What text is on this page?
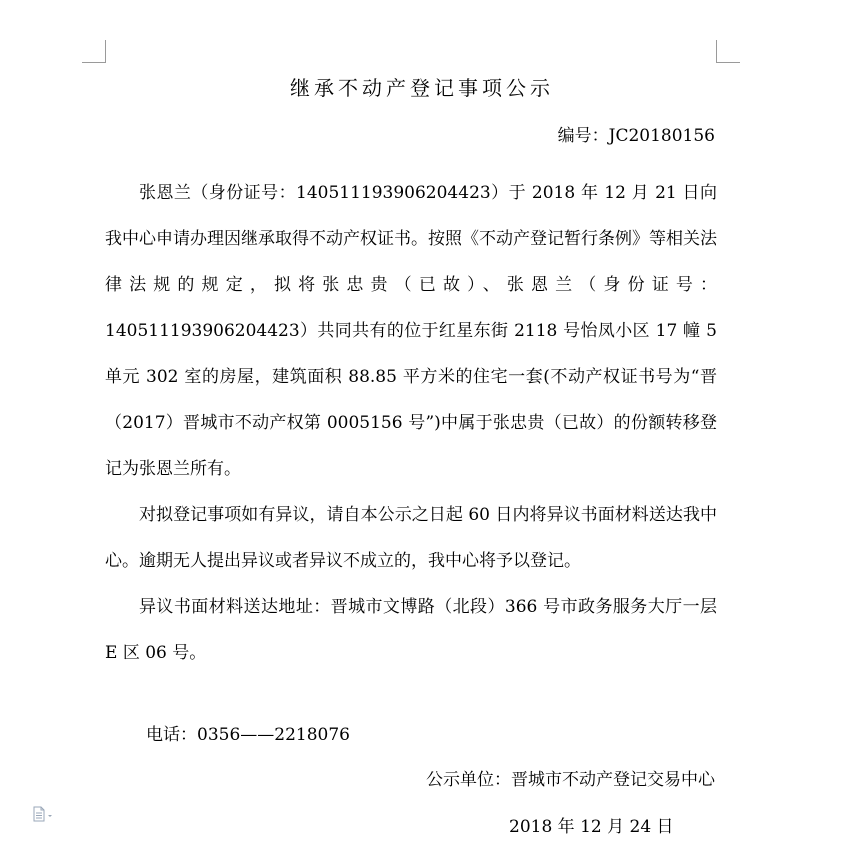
继承不动产登记事项公示
编号：JC20180156

张恩兰（身份证号：140511193906204423）于 2018 年 12 月 21 日向我中心申请办理因继承取得不动产权证书。按照《不动产登记暂行条例》等相关法律法规的规定，拟将张忠贵（已故）、张恩兰（身份证号：140511193906204423）共同共有的位于红星东街 2118 号怡凤小区 17 幢 5 单元 302 室的房屋，建筑面积 88.85 平方米的住宅一套(不动产权证书号为“晋（2017）晋城市不动产权第 0005156 号”)中属于张忠贵（已故）的份额转移登记为张恩兰所有。

对拟登记事项如有异议，请自本公示之日起 60 日内将异议书面材料送达我中心。逾期无人提出异议或者异议不成立的，我中心将予以登记。

异议书面材料送达地址：晋城市文博路（北段）366 号市政务服务大厅一层 E 区 06 号。

电话：0356——2218076
公示单位：晋城市不动产登记交易中心
2018 年 12 月 24 日
